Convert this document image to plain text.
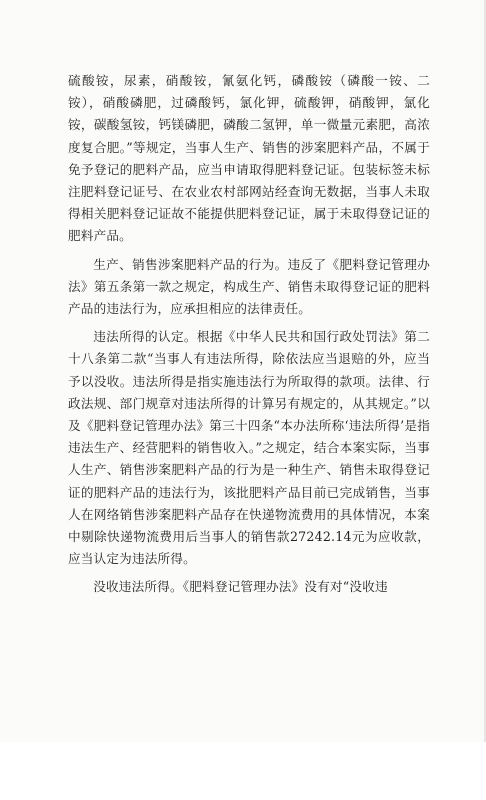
硫酸铵，尿素，硝酸铵，氰氨化钙，磷酸铵（磷酸一铵、二铵），硝酸磷肥，过磷酸钙，氯化钾，硫酸钾，硝酸钾，氯化铵，碳酸氢铵，钙镁磷肥，磷酸二氢钾，单一微量元素肥，高浓度复合肥。”等规定，当事人生产、销售的涉案肥料产品，不属于免予登记的肥料产品，应当申请取得肥料登记证。包装标签未标注肥料登记证号、在农业农村部网站经查询无数据，当事人未取得相关肥料登记证故不能提供肥料登记证，属于未取得登记证的肥料产品。

生产、销售涉案肥料产品的行为。违反了《肥料登记管理办法》第五条第一款之规定，构成生产、销售未取得登记证的肥料产品的违法行为，应承担相应的法律责任。

违法所得的认定。根据《中华人民共和国行政处罚法》第二十八条第二款“当事人有违法所得，除依法应当退赔的外，应当予以没收。违法所得是指实施违法行为所取得的款项。法律、行政法规、部门规章对违法所得的计算另有规定的，从其规定。”以及《肥料登记管理办法》第三十四条“本办法所称‘违法所得’是指违法生产、经营肥料的销售收入。”之规定，结合本案实际，当事人生产、销售涉案肥料产品的行为是一种生产、销售未取得登记证的肥料产品的违法行为，该批肥料产品目前已完成销售，当事人在网络销售涉案肥料产品存在快递物流费用的具体情况，本案中剔除快递物流费用后当事人的销售款27242.14元为应收款，应当认定为违法所得。

没收违法所得。《肥料登记管理办法》没有对“没收违
